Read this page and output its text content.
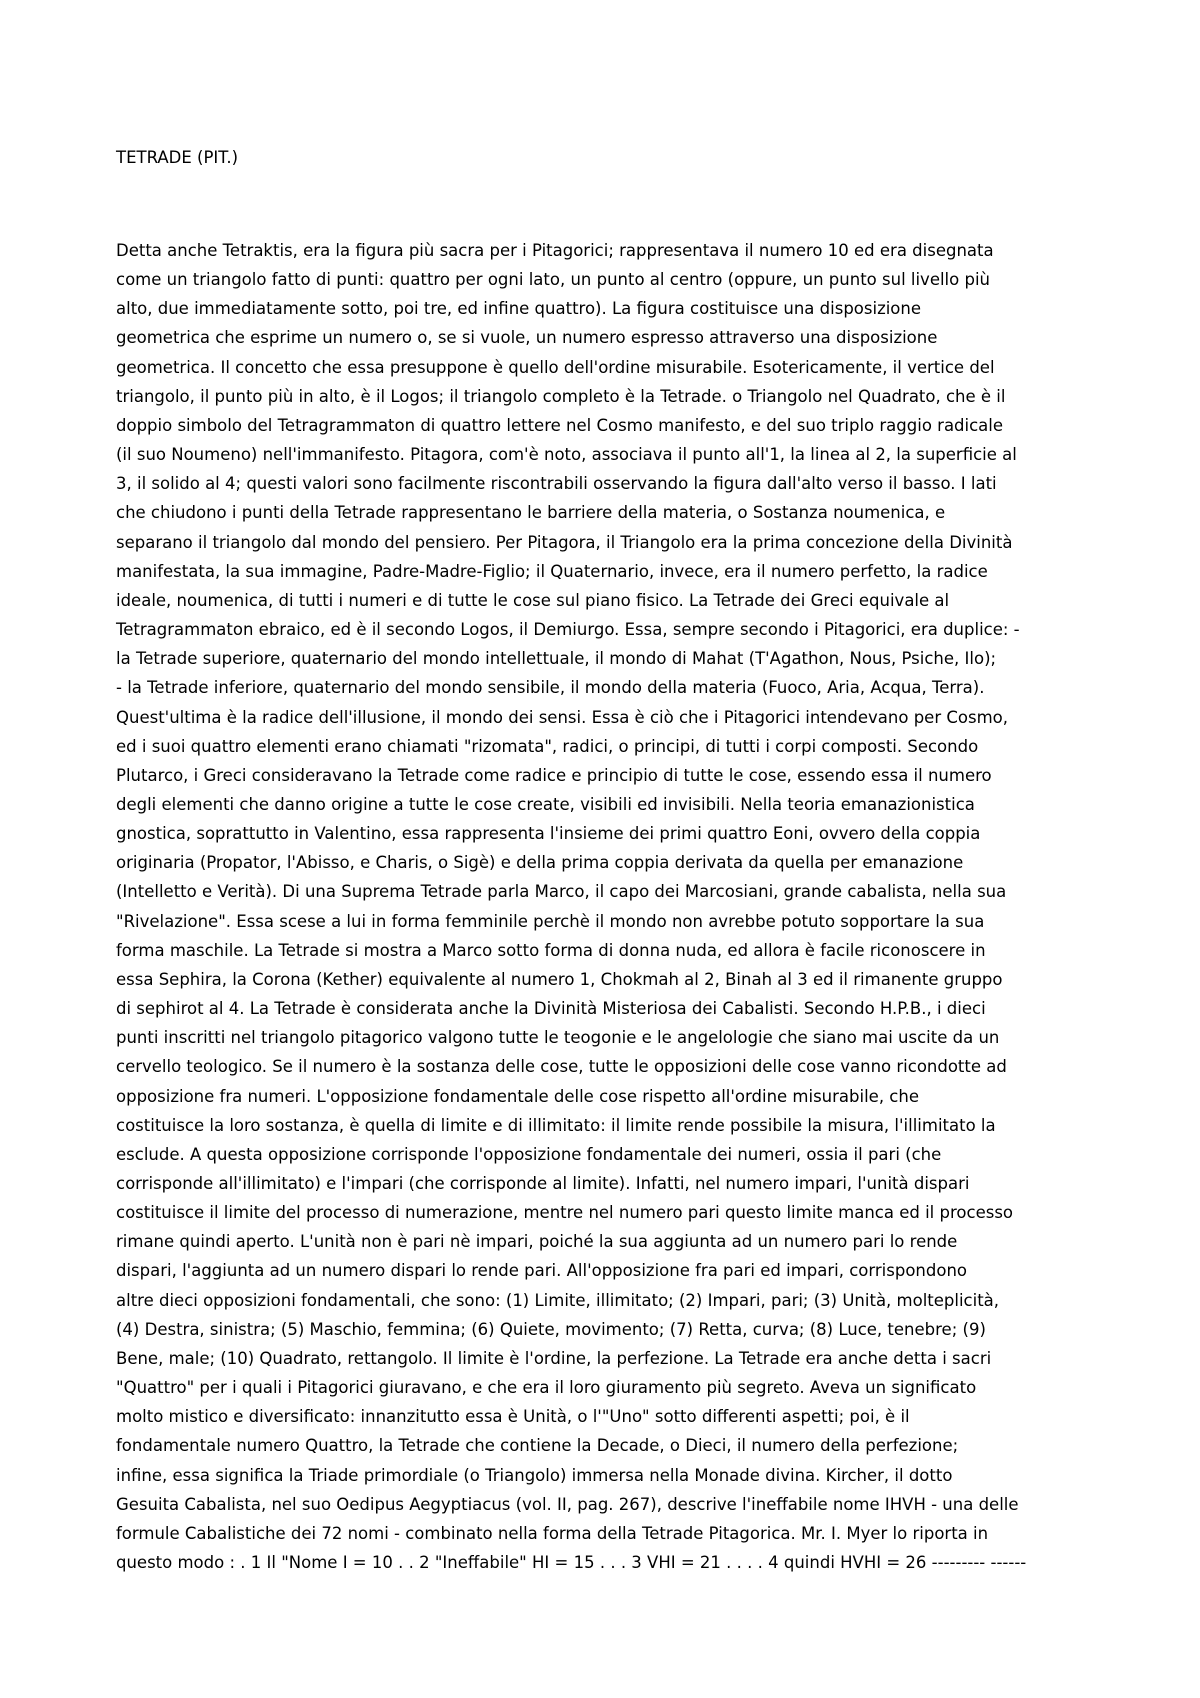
TETRADE (PIT.)
Detta anche Tetraktis, era la figura più sacra per i Pitagorici; rappresentava il numero 10 ed era disegnata
come un triangolo fatto di punti: quattro per ogni lato, un punto al centro (oppure, un punto sul livello più
alto, due immediatamente sotto, poi tre, ed infine quattro). La figura costituisce una disposizione
geometrica che esprime un numero o, se si vuole, un numero espresso attraverso una disposizione
geometrica. Il concetto che essa presuppone è quello dell'ordine misurabile. Esotericamente, il vertice del
triangolo, il punto più in alto, è il Logos; il triangolo completo è la Tetrade. o Triangolo nel Quadrato, che è il
doppio simbolo del Tetragrammaton di quattro lettere nel Cosmo manifesto, e del suo triplo raggio radicale
(il suo Noumeno) nell'immanifesto. Pitagora, com'è noto, associava il punto all'1, la linea al 2, la superficie al
3, il solido al 4; questi valori sono facilmente riscontrabili osservando la figura dall'alto verso il basso. I lati
che chiudono i punti della Tetrade rappresentano le barriere della materia, o Sostanza noumenica, e
separano il triangolo dal mondo del pensiero. Per Pitagora, il Triangolo era la prima concezione della Divinità
manifestata, la sua immagine, Padre-Madre-Figlio; il Quaternario, invece, era il numero perfetto, la radice
ideale, noumenica, di tutti i numeri e di tutte le cose sul piano fisico. La Tetrade dei Greci equivale al
Tetragrammaton ebraico, ed è il secondo Logos, il Demiurgo. Essa, sempre secondo i Pitagorici, era duplice: -
la Tetrade superiore, quaternario del mondo intellettuale, il mondo di Mahat (T'Agathon, Nous, Psiche, Ilo);
- la Tetrade inferiore, quaternario del mondo sensibile, il mondo della materia (Fuoco, Aria, Acqua, Terra).
Quest'ultima è la radice dell'illusione, il mondo dei sensi. Essa è ciò che i Pitagorici intendevano per Cosmo,
ed i suoi quattro elementi erano chiamati "rizomata", radici, o principi, di tutti i corpi composti. Secondo
Plutarco, i Greci consideravano la Tetrade come radice e principio di tutte le cose, essendo essa il numero
degli elementi che danno origine a tutte le cose create, visibili ed invisibili. Nella teoria emanazionistica
gnostica, soprattutto in Valentino, essa rappresenta l'insieme dei primi quattro Eoni, ovvero della coppia
originaria (Propator, l'Abisso, e Charis, o Sigè) e della prima coppia derivata da quella per emanazione
(Intelletto e Verità). Di una Suprema Tetrade parla Marco, il capo dei Marcosiani, grande cabalista, nella sua
"Rivelazione". Essa scese a lui in forma femminile perchè il mondo non avrebbe potuto sopportare la sua
forma maschile. La Tetrade si mostra a Marco sotto forma di donna nuda, ed allora è facile riconoscere in
essa Sephira, la Corona (Kether) equivalente al numero 1, Chokmah al 2, Binah al 3 ed il rimanente gruppo
di sephirot al 4. La Tetrade è considerata anche la Divinità Misteriosa dei Cabalisti. Secondo H.P.B., i dieci
punti inscritti nel triangolo pitagorico valgono tutte le teogonie e le angelologie che siano mai uscite da un
cervello teologico. Se il numero è la sostanza delle cose, tutte le opposizioni delle cose vanno ricondotte ad
opposizione fra numeri. L'opposizione fondamentale delle cose rispetto all'ordine misurabile, che
costituisce la loro sostanza, è quella di limite e di illimitato: il limite rende possibile la misura, l'illimitato la
esclude. A questa opposizione corrisponde l'opposizione fondamentale dei numeri, ossia il pari (che
corrisponde all'illimitato) e l'impari (che corrisponde al limite). Infatti, nel numero impari, l'unità dispari
costituisce il limite del processo di numerazione, mentre nel numero pari questo limite manca ed il processo
rimane quindi aperto. L'unità non è pari nè impari, poiché la sua aggiunta ad un numero pari lo rende
dispari, l'aggiunta ad un numero dispari lo rende pari. All'opposizione fra pari ed impari, corrispondono
altre dieci opposizioni fondamentali, che sono: (1) Limite, illimitato; (2) Impari, pari; (3) Unità, molteplicità,
(4) Destra, sinistra; (5) Maschio, femmina; (6) Quiete, movimento; (7) Retta, curva; (8) Luce, tenebre; (9)
Bene, male; (10) Quadrato, rettangolo. Il limite è l'ordine, la perfezione. La Tetrade era anche detta i sacri
"Quattro" per i quali i Pitagorici giuravano, e che era il loro giuramento più segreto. Aveva un significato
molto mistico e diversificato: innanzitutto essa è Unità, o l'"Uno" sotto differenti aspetti; poi, è il
fondamentale numero Quattro, la Tetrade che contiene la Decade, o Dieci, il numero della perfezione;
infine, essa significa la Triade primordiale (o Triangolo) immersa nella Monade divina. Kircher, il dotto
Gesuita Cabalista, nel suo Oedipus Aegyptiacus (vol. II, pag. 267), descrive l'ineffabile nome IHVH - una delle
formule Cabalistiche dei 72 nomi - combinato nella forma della Tetrade Pitagorica. Mr. I. Myer lo riporta in
questo modo : . 1 Il "Nome I = 10 . . 2 "Ineffabile" HI = 15 . . . 3 VHI = 21 . . . . 4 quindi HVHI = 26 --------- ------
